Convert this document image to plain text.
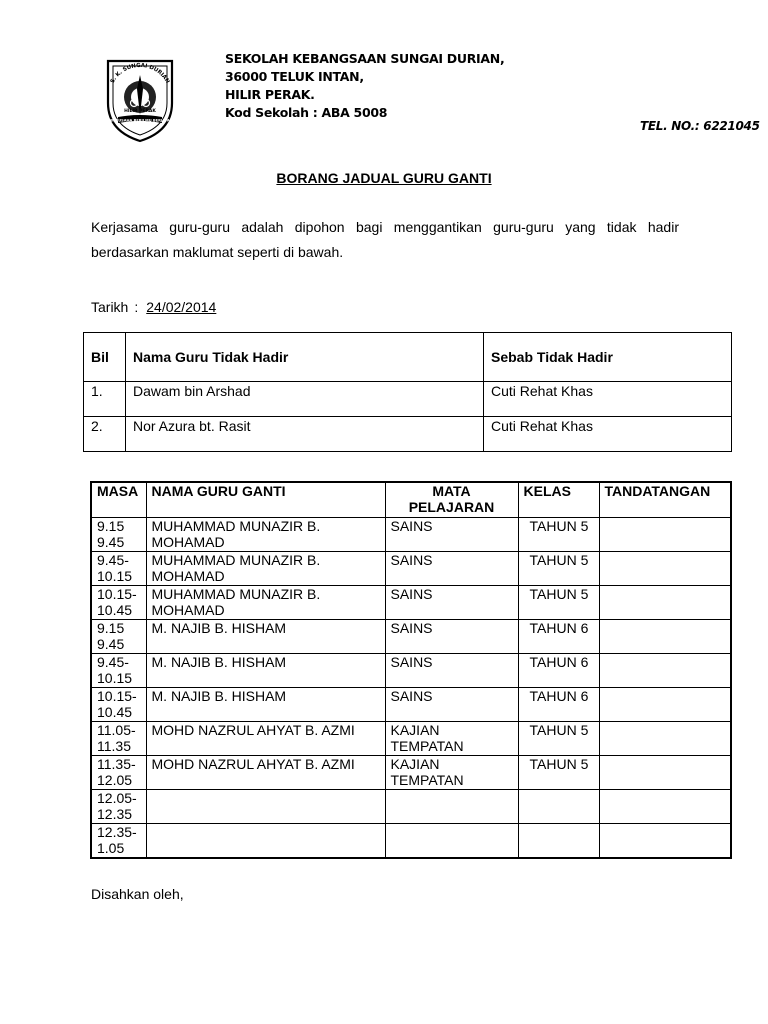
S. K. SUNGAI DURIAN
HILIR PERAK
BERUSAHA BERILMU BERJAYA
SEKOLAH KEBANGSAAN SUNGAI DURIAN,
36000 TELUK INTAN,
HILIR PERAK.
Kod Sekolah : ABA 5008
TEL. NO.: 6221045
BORANG JADUAL GURU GANTI
Kerjasama guru-guru adalah dipohon bagi menggantikan guru-guru yang tidak hadir berdasarkan maklumat seperti di bawah.
Tarikh : 24/02/2014
Bil	Nama Guru Tidak Hadir	Sebab Tidak Hadir
1.	Dawam bin Arshad	Cuti Rehat Khas
2.	Nor Azura bt. Rasit	Cuti Rehat Khas
MASA	NAMA GURU GANTI	MATA PELAJARAN	KELAS	TANDATANGAN
9.15 9.45	MUHAMMAD MUNAZIR B. MOHAMAD	SAINS	TAHUN 5	
9.45-10.15	MUHAMMAD MUNAZIR B. MOHAMAD	SAINS	TAHUN 5	
10.15-10.45	MUHAMMAD MUNAZIR B. MOHAMAD	SAINS	TAHUN 5	
9.15 9.45	M. NAJIB B. HISHAM	SAINS	TAHUN 6	
9.45-10.15	M. NAJIB B. HISHAM	SAINS	TAHUN 6	
10.15-10.45	M. NAJIB B. HISHAM	SAINS	TAHUN 6	
11.05-11.35	MOHD NAZRUL AHYAT B. AZMI	KAJIAN TEMPATAN	TAHUN 5	
11.35-12.05	MOHD NAZRUL AHYAT B. AZMI	KAJIAN TEMPATAN	TAHUN 5	
12.05-12.35				
12.35-1.05				
Disahkan oleh,
